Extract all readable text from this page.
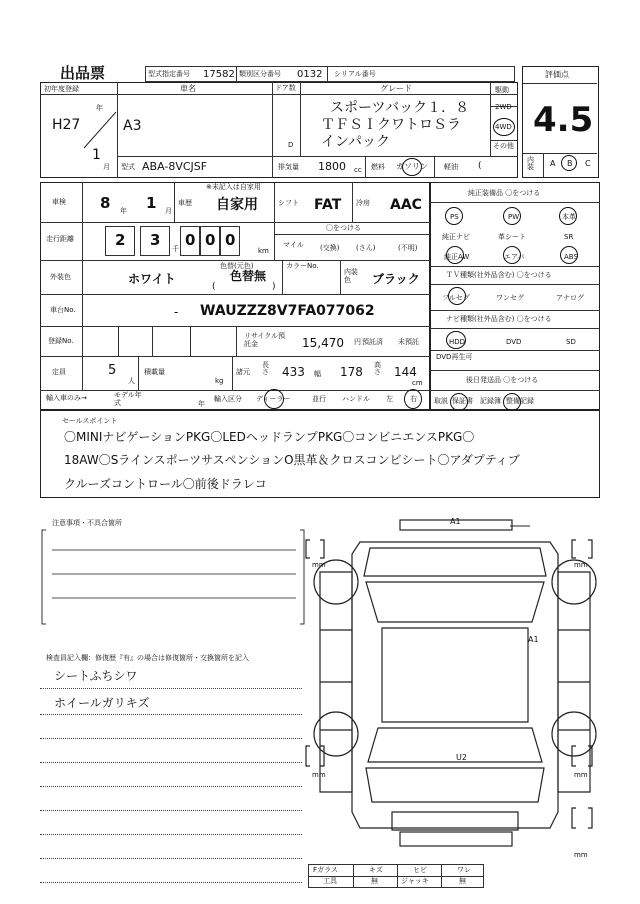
出品票	型式指定番号 17582 類別区分番号 0132 シリアル番号	評価点
4.5
内装	A B C
初年度登録
H27
年
1
月
車名
A3
ドア数
D
グレード
スポーツバック１．８
ＴＦＳＩクワトロＳラ
インパック
駆動
2WD
4WD
その他
型式 ABA-8VCJSF	排気量 1800 cc 燃料 ガソリン 軽油 (
車検 8 年 1 月
車歴
※未記入は自家用
自家用	シフト FAT 冷房 AAC
走行距離	2 3 千 0 0 0
km
〇をつける
マイル (交換) (さん)	(不明)
外装色	ホワイト
色替(元色)
色替無
(	)
カラーNo.
内装色	ブラック
車台No.	- WAUZZZ8V7FA077062
登録No.
リサイクル預託金	15,470 円 預託済 未預託
定員	5
人
積載量
kg
諸元
長さ 433 幅 178 高さ 144
cm
輸入車のみ→	モデル年式	年
輸入区分 ディーラー	並行 ハンドル 左 右
純正装備品 〇をつける
PS	PW	本革
純正ナビ	革シート	SR
純正AW	エアバ	ABS
ＴＶ種類(社外品含む) 〇をつける
フルセグ	ワンセグ	アナログ
ナビ種類(社外品含む) 〇をつける
HDD	DVD	SD
DVD再生可
後日発送品 〇をつける
取説 保証書 記録簿 整備記録
セールスポイント
〇MINIナビゲーションPKG〇LEDヘッドランプPKG〇コンビニエンスPKG〇
18AW〇SラインスポーツサスペンションO黒革＆クロスコンビシート〇アダプティブ
クルーズコントロール〇前後ドラレコ
注意事項・不具合箇所
検査員記入欄：修復歴『有』の場合は修復箇所・交換箇所を記入
シートふちシワ
ホイールガリキズ
A1
A1
U2
mm	mm
mm	mm
mm
Fガラス	キズ	ヒビ	ワレ
工具	無	ジャッキ	無
